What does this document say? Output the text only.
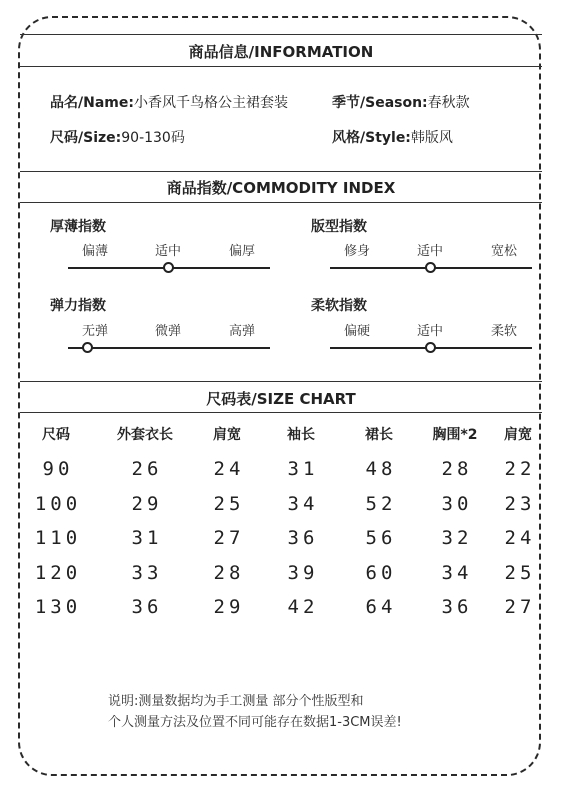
商品信息/INFORMATION
品名/Name:小香风千鸟格公主裙套装	季节/Season:春秋款
尺码/Size:90-130码	风格/Style:韩版风
商品指数/COMMODITY INDEX
厚薄指数
偏薄	适中	偏厚
版型指数
修身	适中	宽松
弹力指数
无弹	微弹	高弹
柔软指数
偏硬	适中	柔软
尺码表/SIZE CHART
尺码	外套衣长	肩宽	袖长	裙长	胸围*2	肩宽
90	26	24	31	48	28	22
100	29	25	34	52	30	23
110	31	27	36	56	32	24
120	33	28	39	60	34	25
130	36	29	42	64	36	27
说明:测量数据均为手工测量 部分个性版型和
个人测量方法及位置不同可能存在数据1-3CM误差!
